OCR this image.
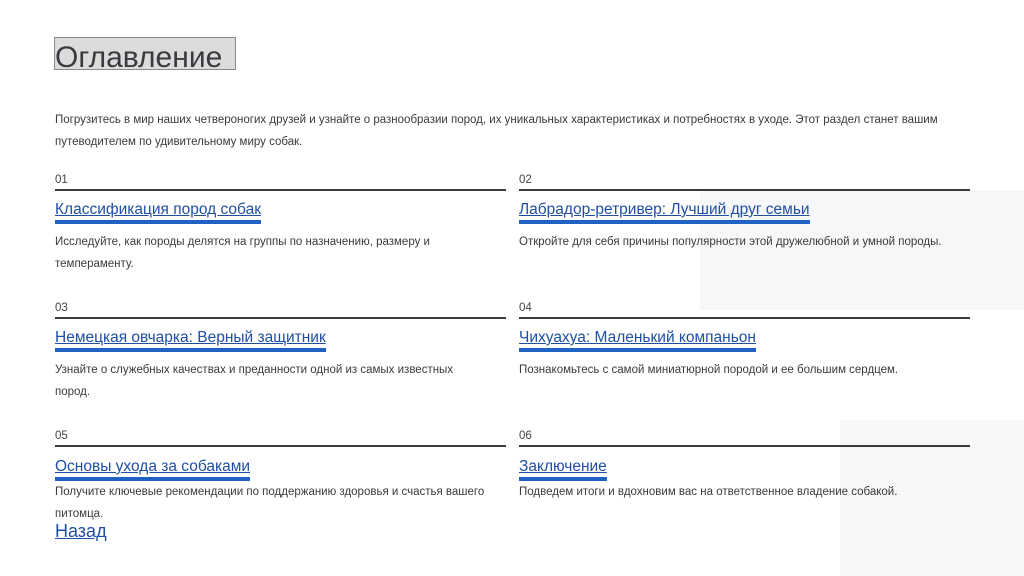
Оглавление

Погрузитесь в мир наших четвероногих друзей и узнайте о разнообразии пород, их уникальных характеристиках и потребностях в уходе. Этот раздел станет вашим путеводителем по удивительному миру собак.

01
Классификация пород собак
Исследуйте, как породы делятся на группы по назначению, размеру и темпераменту.
02
Лабрадор-ретривер: Лучший друг семьи
Откройте для себя причины популярности этой дружелюбной и умной породы.
03
Немецкая овчарка: Верный защитник
Узнайте о служебных качествах и преданности одной из самых известных пород.
04
Чихуахуа: Маленький компаньон
Познакомьтесь с самой миниатюрной породой и ее большим сердцем.
05
Основы ухода за собаками
Получите ключевые рекомендации по поддержанию здоровья и счастья вашего питомца.
06
Заключение
Подведем итоги и вдохновим вас на ответственное владение собакой.
Назад
